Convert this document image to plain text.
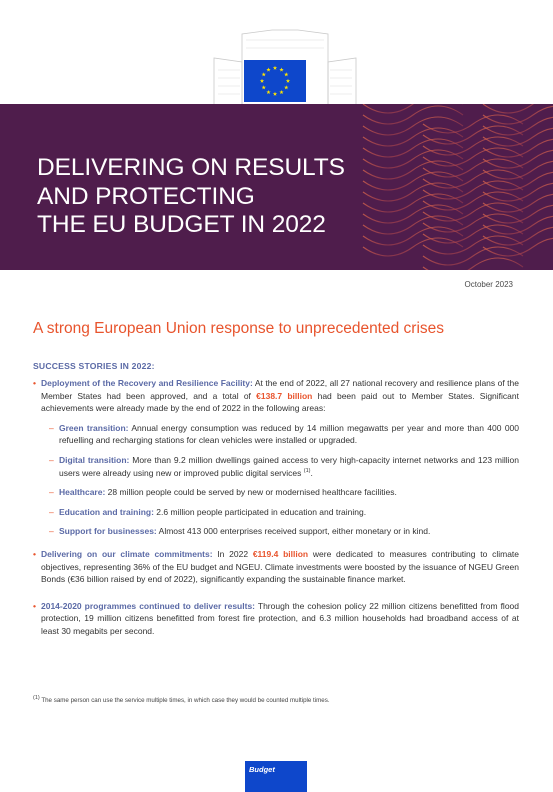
DELIVERING ON RESULTS
AND PROTECTING
THE EU BUDGET IN 2022
October 2023
A strong European Union response to unprecedented crises
SUCCESS STORIES IN 2022:
• Deployment of the Recovery and Resilience Facility: At the end of 2022, all 27 national recovery and resilience plans of the Member States had been approved, and a total of €138.7 billion had been paid out to Member States. Significant achievements were already made by the end of 2022 in the following areas:
– Green transition: Annual energy consumption was reduced by 14 million megawatts per year and more than 400 000 refuelling and recharging stations for clean vehicles were installed or upgraded.
– Digital transition: More than 9.2 million dwellings gained access to very high-capacity internet networks and 123 million users were already using new or improved public digital services $^{(1)}$.
– Healthcare: 28 million people could be served by new or modernised healthcare facilities.
– Education and training: 2.6 million people participated in education and training.
– Support for businesses: Almost 413 000 enterprises received support, either monetary or in kind.
• Delivering on our climate commitments: In 2022 €119.4 billion were dedicated to measures contributing to climate objectives, representing 36% of the EU budget and NGEU. Climate investments were boosted by the issuance of NGEU Green Bonds (€36 billion raised by end of 2022), significantly expanding the sustainable finance market.
• 2014-2020 programmes continued to deliver results: Through the cohesion policy 22 million citizens benefitted from flood protection, 19 million citizens benefitted from forest fire protection, and 6.3 million households had broadband access of at least 30 megabits per second.
(1) The same person can use the service multiple times, in which case they would be counted multiple times.
Budget
